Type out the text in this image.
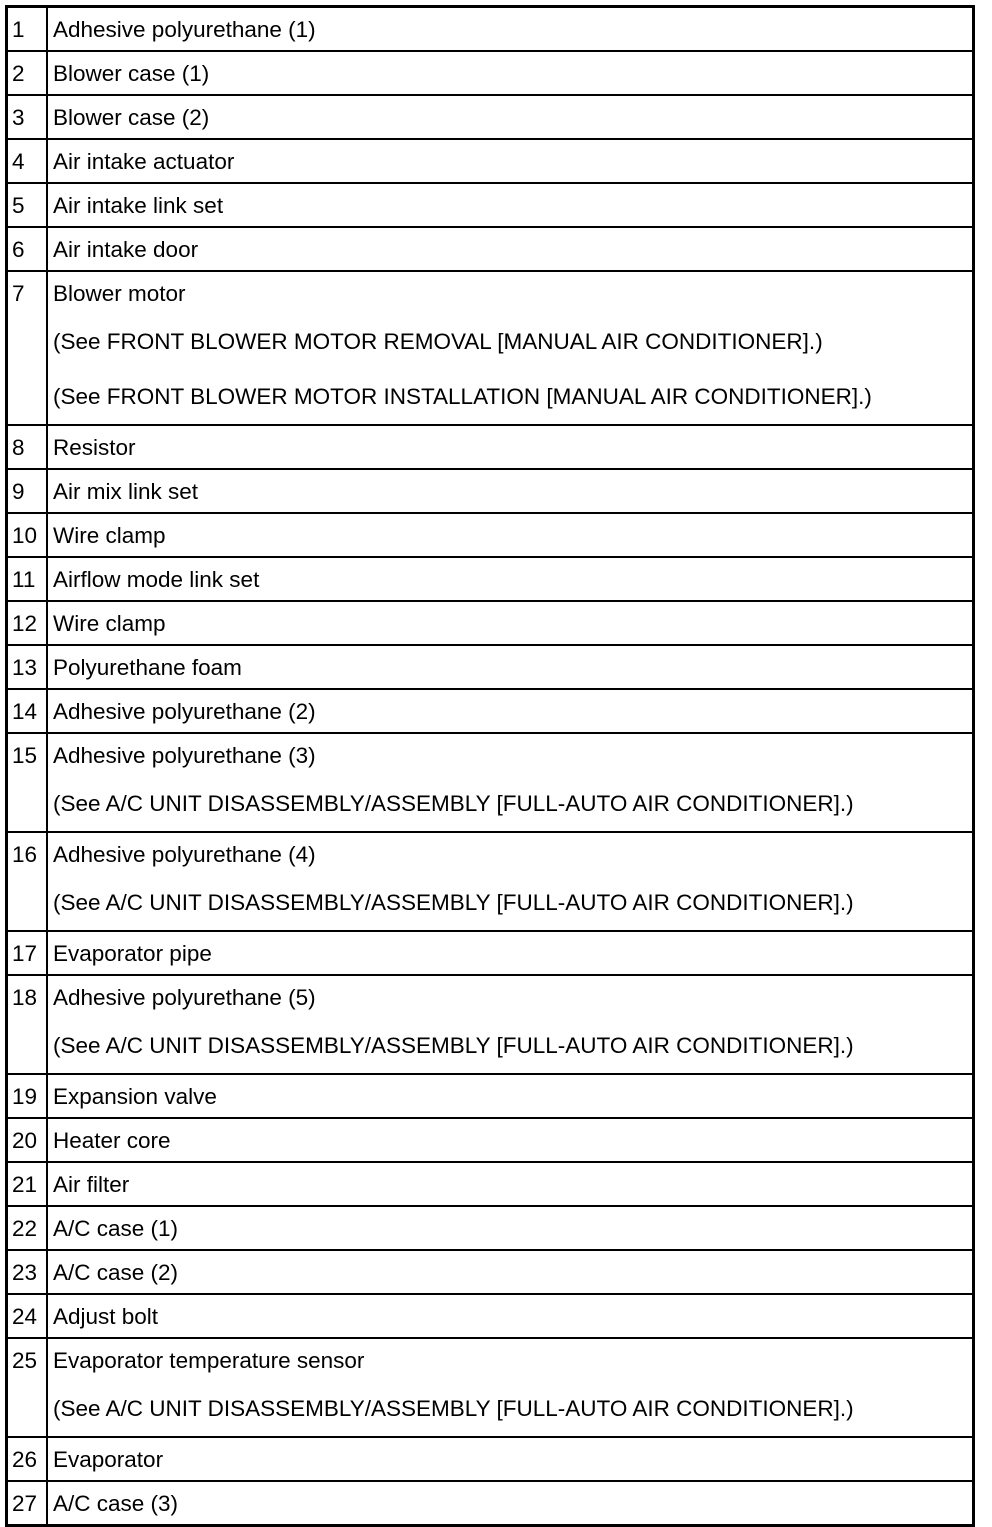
1	Adhesive polyurethane (1)

2	Blower case (1)

3	Blower case (2)

4	Air intake actuator

5	Air intake link set

6	Air intake door

7	Blower motor
(See FRONT BLOWER MOTOR REMOVAL [MANUAL AIR CONDITIONER].)
(See FRONT BLOWER MOTOR INSTALLATION [MANUAL AIR CONDITIONER].)

8	Resistor

9	Air mix link set

10	Wire clamp

11	Airflow mode link set

12	Wire clamp

13	Polyurethane foam

14	Adhesive polyurethane (2)

15	Adhesive polyurethane (3)
(See A/C UNIT DISASSEMBLY/ASSEMBLY [FULL-AUTO AIR CONDITIONER].)

16	Adhesive polyurethane (4)
(See A/C UNIT DISASSEMBLY/ASSEMBLY [FULL-AUTO AIR CONDITIONER].)

17	Evaporator pipe

18	Adhesive polyurethane (5)
(See A/C UNIT DISASSEMBLY/ASSEMBLY [FULL-AUTO AIR CONDITIONER].)

19	Expansion valve

20	Heater core

21	Air filter

22	A/C case (1)

23	A/C case (2)

24	Adjust bolt

25	Evaporator temperature sensor
(See A/C UNIT DISASSEMBLY/ASSEMBLY [FULL-AUTO AIR CONDITIONER].)

26	Evaporator

27	A/C case (3)
